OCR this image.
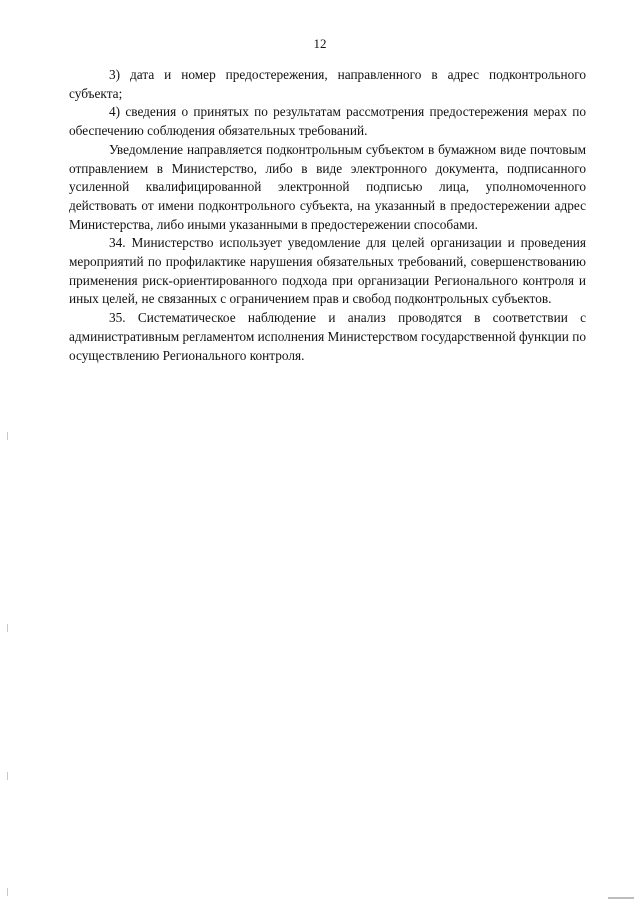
12

3) дата и номер предостережения, направленного в адрес подконтрольного субъекта;

4) сведения о принятых по результатам рассмотрения предостережения мерах по обеспечению соблюдения обязательных требований.

Уведомление направляется подконтрольным субъектом в бумажном виде почтовым отправлением в Министерство, либо в виде электронного документа, подписанного усиленной квалифицированной электронной подписью лица, уполномоченного действовать от имени подконтрольного субъекта, на указанный в предостережении адрес Министерства, либо иными указанными в предостережении способами.

34. Министерство использует уведомление для целей организации и проведения мероприятий по профилактике нарушения обязательных требований, совершенствованию применения риск-ориентированного подхода при организации Регионального контроля и иных целей, не связанных с ограничением прав и свобод подконтрольных субъектов.

35. Систематическое наблюдение и анализ проводятся в соответствии с административным регламентом исполнения Министерством государственной функции по осуществлению Регионального контроля.
